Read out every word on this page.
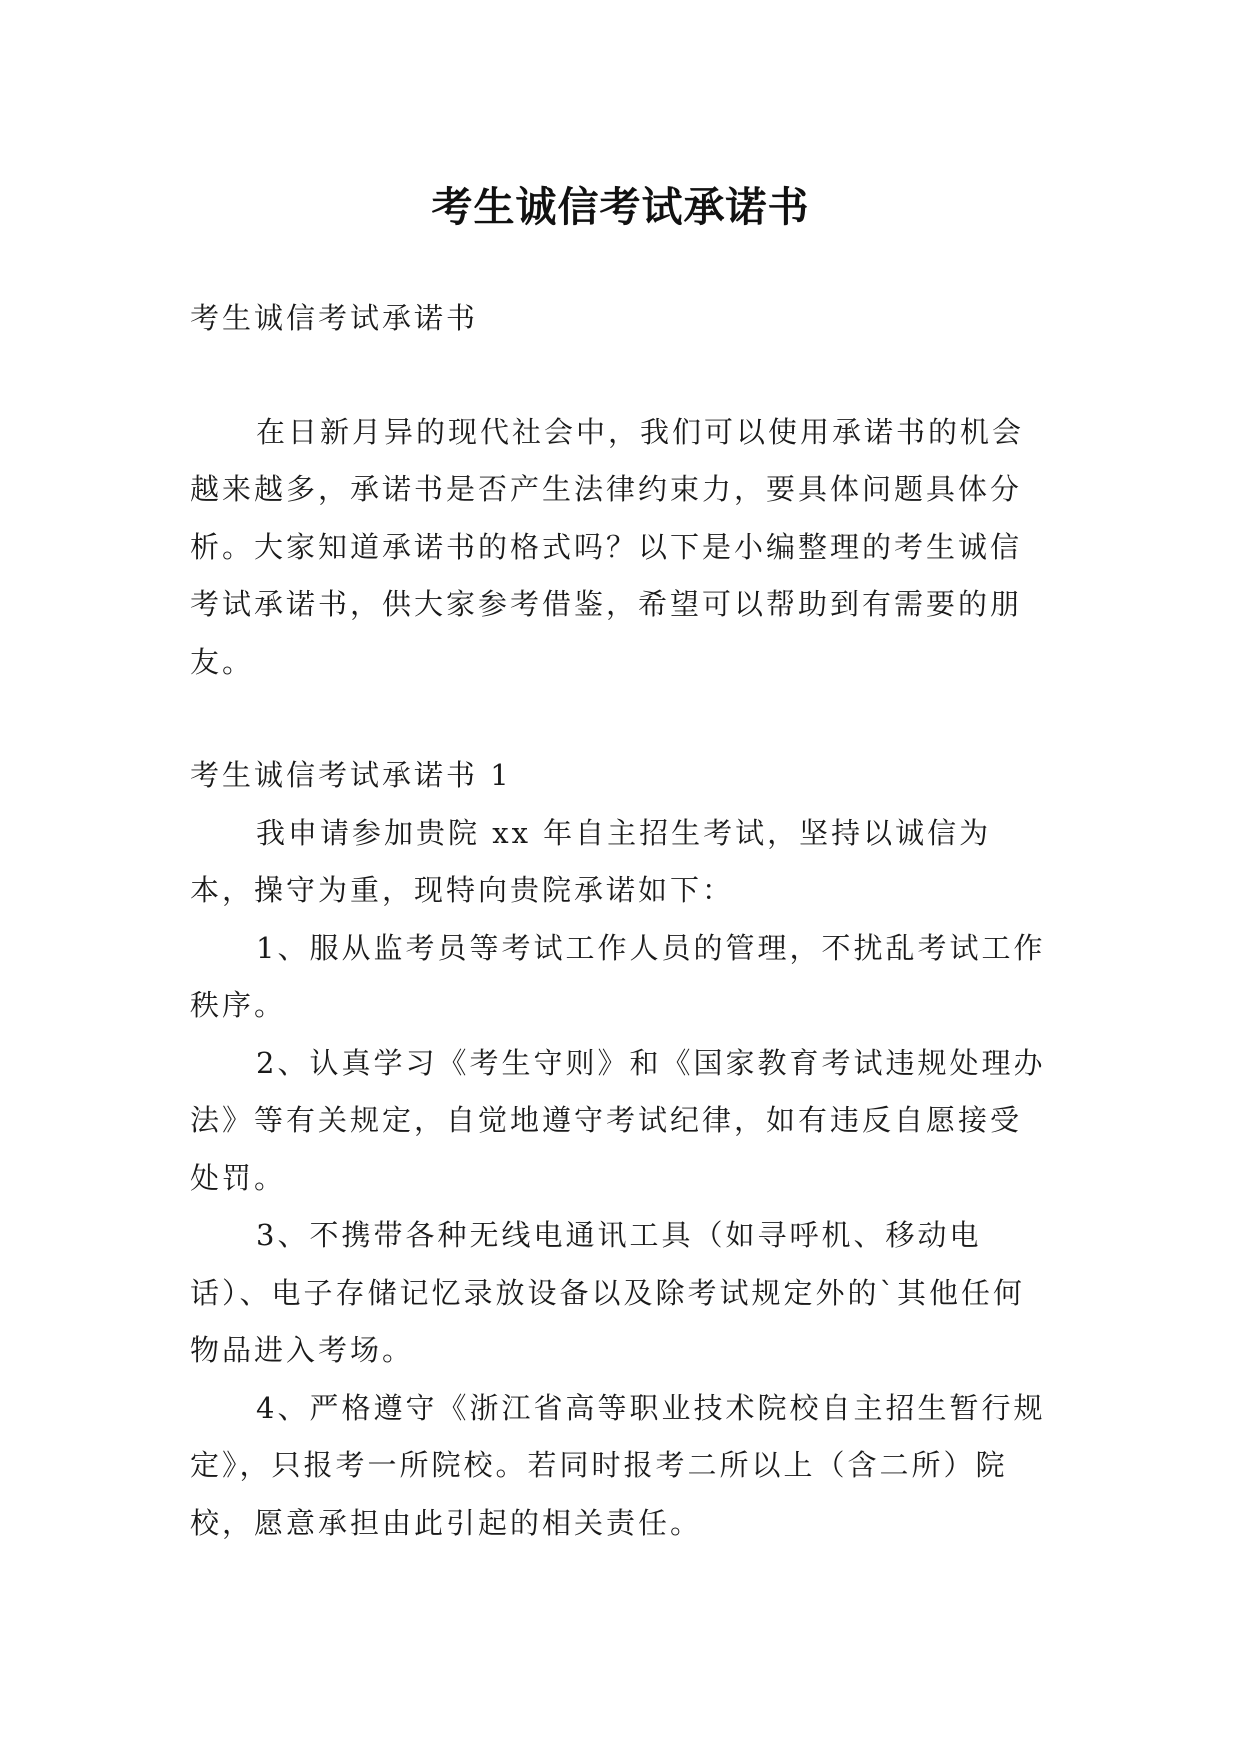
考生诚信考试承诺书

考生诚信考试承诺书

在日新月异的现代社会中，我们可以使用承诺书的机会越来越多，承诺书是否产生法律约束力，要具体问题具体分析。大家知道承诺书的格式吗？以下是小编整理的考生诚信考试承诺书，供大家参考借鉴，希望可以帮助到有需要的朋友。

考生诚信考试承诺书 1

我申请参加贵院 xx 年自主招生考试，坚持以诚信为本，操守为重，现特向贵院承诺如下：

1、服从监考员等考试工作人员的管理，不扰乱考试工作秩序。

2、认真学习《考生守则》和《国家教育考试违规处理办法》等有关规定，自觉地遵守考试纪律，如有违反自愿接受处罚。

3、不携带各种无线电通讯工具（如寻呼机、移动电话）、电子存储记忆录放设备以及除考试规定外的`其他任何物品进入考场。

4、严格遵守《浙江省高等职业技术院校自主招生暂行规定》，只报考一所院校。若同时报考二所以上（含二所）院校，愿意承担由此引起的相关责任。
